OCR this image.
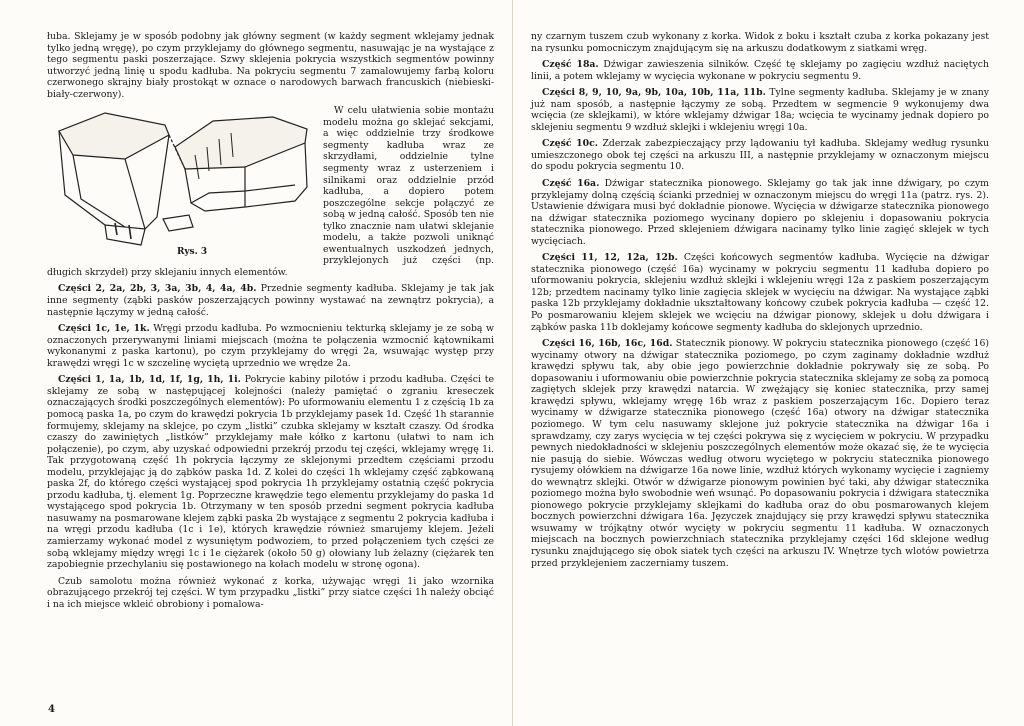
łuba. Sklejamy je w sposób podobny jak główny segment (w każdy segment wklejamy jednak tylko jedną wręgę), po czym przyklejamy do głównego segmentu, nasuwając je na wystające z tego segmentu paski poszerzające. Szwy sklejenia pokrycia wszystkich segmentów powinny utworzyć jedną linię u spodu kadłuba. Na pokryciu segmentu 7 zamalowujemy farbą koloru czerwonego skrajny biały prostokąt w oznace o narodowych barwach francuskich (niebieski-biały-czerwony).

Rys. 3

W celu ułatwienia sobie montażu modelu można go sklejać sekcjami, a więc oddzielnie trzy środkowe segmenty kadłuba wraz ze skrzydłami, oddzielnie tylne segmenty wraz z usterzeniem i silnikami oraz oddzielnie przód kadłuba, a dopiero potem poszczególne sekcje połączyć ze sobą w jedną całość. Sposób ten nie tylko znacznie nam ułatwi sklejanie modelu, a także pozwoli uniknąć ewentualnych uszkodzeń jednych, przyklejonych już części (np. długich skrzydeł) przy sklejaniu innych elementów.

Części 2, 2a, 2b, 3, 3a, 3b, 4, 4a, 4b. Przednie segmenty kadłuba. Sklejamy je tak jak inne segmenty (ząbki pasków poszerzających powinny wystawać na zewnątrz pokrycia), a następnie łączymy w jedną całość.

Części 1c, 1e, 1k. Wręgi przodu kadłuba. Po wzmocnieniu tekturką sklejamy je ze sobą w oznaczonych przerywanymi liniami miejscach (można te połączenia wzmocnić kątownikami wykonanymi z paska kartonu), po czym przyklejamy do wręgi 2a, wsuwając występ przy krawędzi wręgi 1c w szczelinę wyciętą uprzednio we wrędze 2a.

Części 1, 1a, 1b, 1d, 1f, 1g, 1h, 1i. Pokrycie kabiny pilotów i przodu kadłuba. Części te sklejamy ze sobą w następującej kolejności (należy pamiętać o zgraniu kreseczek oznaczających środki poszczególnych elementów): Po uformowaniu elementu 1 z częścią 1b za pomocą paska 1a, po czym do krawędzi pokrycia 1b przyklejamy pasek 1d. Część 1h starannie formujemy, sklejamy na sklejce, po czym „listki” czubka sklejamy w kształt czaszy. Od środka czaszy do zawiniętych „listków” przyklejamy małe kółko z kartonu (ułatwi to nam ich połączenie), po czym, aby uzyskać odpowiedni przekrój przodu tej części, wklejamy wręgę 1i. Tak przygotowaną część 1h pokrycia łączymy ze sklejonymi przedtem częściami przodu modelu, przyklejając ją do ząbków paska 1d. Z kolei do części 1h wklejamy część ząbkowaną paska 2f, do którego części wystającej spod pokrycia 1h przyklejamy ostatnią część pokrycia przodu kadłuba, tj. element 1g. Poprzeczne krawędzie tego elementu przyklejamy do paska 1d wystającego spod pokrycia 1b. Otrzymany w ten sposób przedni segment pokrycia kadłuba nasuwamy na posmarowane klejem ząbki paska 2b wystające z segmentu 2 pokrycia kadłuba i na wręgi przodu kadłuba (1c i 1e), których krawędzie również smarujemy klejem. Jeżeli zamierzamy wykonać model z wysuniętym podwoziem, to przed połączeniem tych części ze sobą wklejamy między wręgi 1c i 1e ciężarek (około 50 g) ołowiany lub żelazny (ciężarek ten zapobiegnie przechylaniu się postawionego na kołach modelu w stronę ogona).

Czub samolotu można również wykonać z korka, używając wręgi 1i jako wzornika obrazującego przekrój tej części. W tym przypadku „listki” przy siatce części 1h należy obciąć i na ich miejsce wkleić obrobiony i pomalowa-

4

ny czarnym tuszem czub wykonany z korka. Widok z boku i kształt czuba z korka pokazany jest na rysunku pomocniczym znajdującym się na arkuszu dodatkowym z siatkami wręg.

Część 18a. Dźwigar zawieszenia silników. Część tę sklejamy po zagięciu wzdłuż naciętych linii, a potem wklejamy w wycięcia wykonane w pokryciu segmentu 9.

Części 8, 9, 10, 9a, 9b, 10a, 10b, 11a, 11b. Tylne segmenty kadłuba. Sklejamy je w znany już nam sposób, a następnie łączymy ze sobą. Przedtem w segmencie 9 wykonujemy dwa wcięcia (ze sklejkami), w które wklejamy dźwigar 18a; wcięcia te wycinamy jednak dopiero po sklejeniu segmentu 9 wzdłuż sklejki i wklejeniu wręgi 10a.

Część 10c. Zderzak zabezpieczający przy lądowaniu tył kadłuba. Sklejamy według rysunku umieszczonego obok tej części na arkuszu III, a następnie przyklejamy w oznaczonym miejscu do spodu pokrycia segmentu 10.

Część 16a. Dźwigar statecznika pionowego. Sklejamy go tak jak inne dźwigary, po czym przyklejamy dolną częścią ścianki przedniej w oznaczonym miejscu do wręgi 11a (patrz. rys. 2). Ustawienie dźwigara musi być dokładnie pionowe. Wycięcia w dźwigarze statecznika pionowego na dźwigar statecznika poziomego wycinany dopiero po sklejeniu i dopasowaniu pokrycia statecznika pionowego. Przed sklejeniem dźwigara nacinamy tylko linie zagięć sklejek w tych wycięciach.

Części 11, 12, 12a, 12b. Części końcowych segmentów kadłuba. Wycięcie na dźwigar statecznika pionowego (część 16a) wycinamy w pokryciu segmentu 11 kadłuba dopiero po uformowaniu pokrycia, sklejeniu wzdłuż sklejki i wklejeniu wręgi 12a z paskiem poszerzającym 12b; przedtem nacinamy tylko linie zagięcia sklejek w wycięciu na dźwigar. Na wystające ząbki paska 12b przyklejamy dokładnie ukształtowany końcowy czubek pokrycia kadłuba — część 12. Po posmarowaniu klejem sklejek we wcięciu na dźwigar pionowy, sklejek u dołu dźwigara i ząbków paska 11b doklejamy końcowe segmenty kadłuba do sklejonych uprzednio.

Części 16, 16b, 16c, 16d. Statecznik pionowy. W pokryciu statecznika pionowego (część 16) wycinamy otwory na dźwigar statecznika poziomego, po czym zaginamy dokładnie wzdłuż krawędzi spływu tak, aby obie jego powierzchnie dokładnie pokrywały się ze sobą. Po dopasowaniu i uformowaniu obie powierzchnie pokrycia statecznika sklejamy ze sobą za pomocą zagiętych sklejek przy krawędzi natarcia. W zwężający się koniec statecznika, przy samej krawędzi spływu, wklejamy wręgę 16b wraz z paskiem poszerzającym 16c. Dopiero teraz wycinamy w dźwigarze statecznika pionowego (część 16a) otwory na dźwigar statecznika poziomego. W tym celu nasuwamy sklejone już pokrycie statecznika na dźwigar 16a i sprawdzamy, czy zarys wycięcia w tej części pokrywa się z wycięciem w pokryciu. W przypadku pewnych niedokładności w sklejeniu poszczególnych elementów może okazać się, że te wycięcia nie pasują do siebie. Wówczas według otworu wyciętego w pokryciu statecznika pionowego rysujemy ołówkiem na dźwigarze 16a nowe linie, wzdłuż których wykonamy wycięcie i zagniemy do wewnątrz sklejki. Otwór w dźwigarze pionowym powinien być taki, aby dźwigar statecznika poziomego można było swobodnie weń wsunąć. Po dopasowaniu pokrycia i dźwigara statecznika pionowego pokrycie przyklejamy sklejkami do kadłuba oraz do obu posmarowanych klejem bocznych powierzchni dźwigara 16a. Języczek znajdujący się przy krawędzi spływu statecznika wsuwamy w trójkątny otwór wycięty w pokryciu segmentu 11 kadłuba. W oznaczonych miejscach na bocznych powierzchniach statecznika przyklejamy części 16d sklejone według rysunku znajdującego się obok siatek tych części na arkuszu IV. Wnętrze tych wlotów powietrza przed przyklejeniem zaczerniamy tuszem.
